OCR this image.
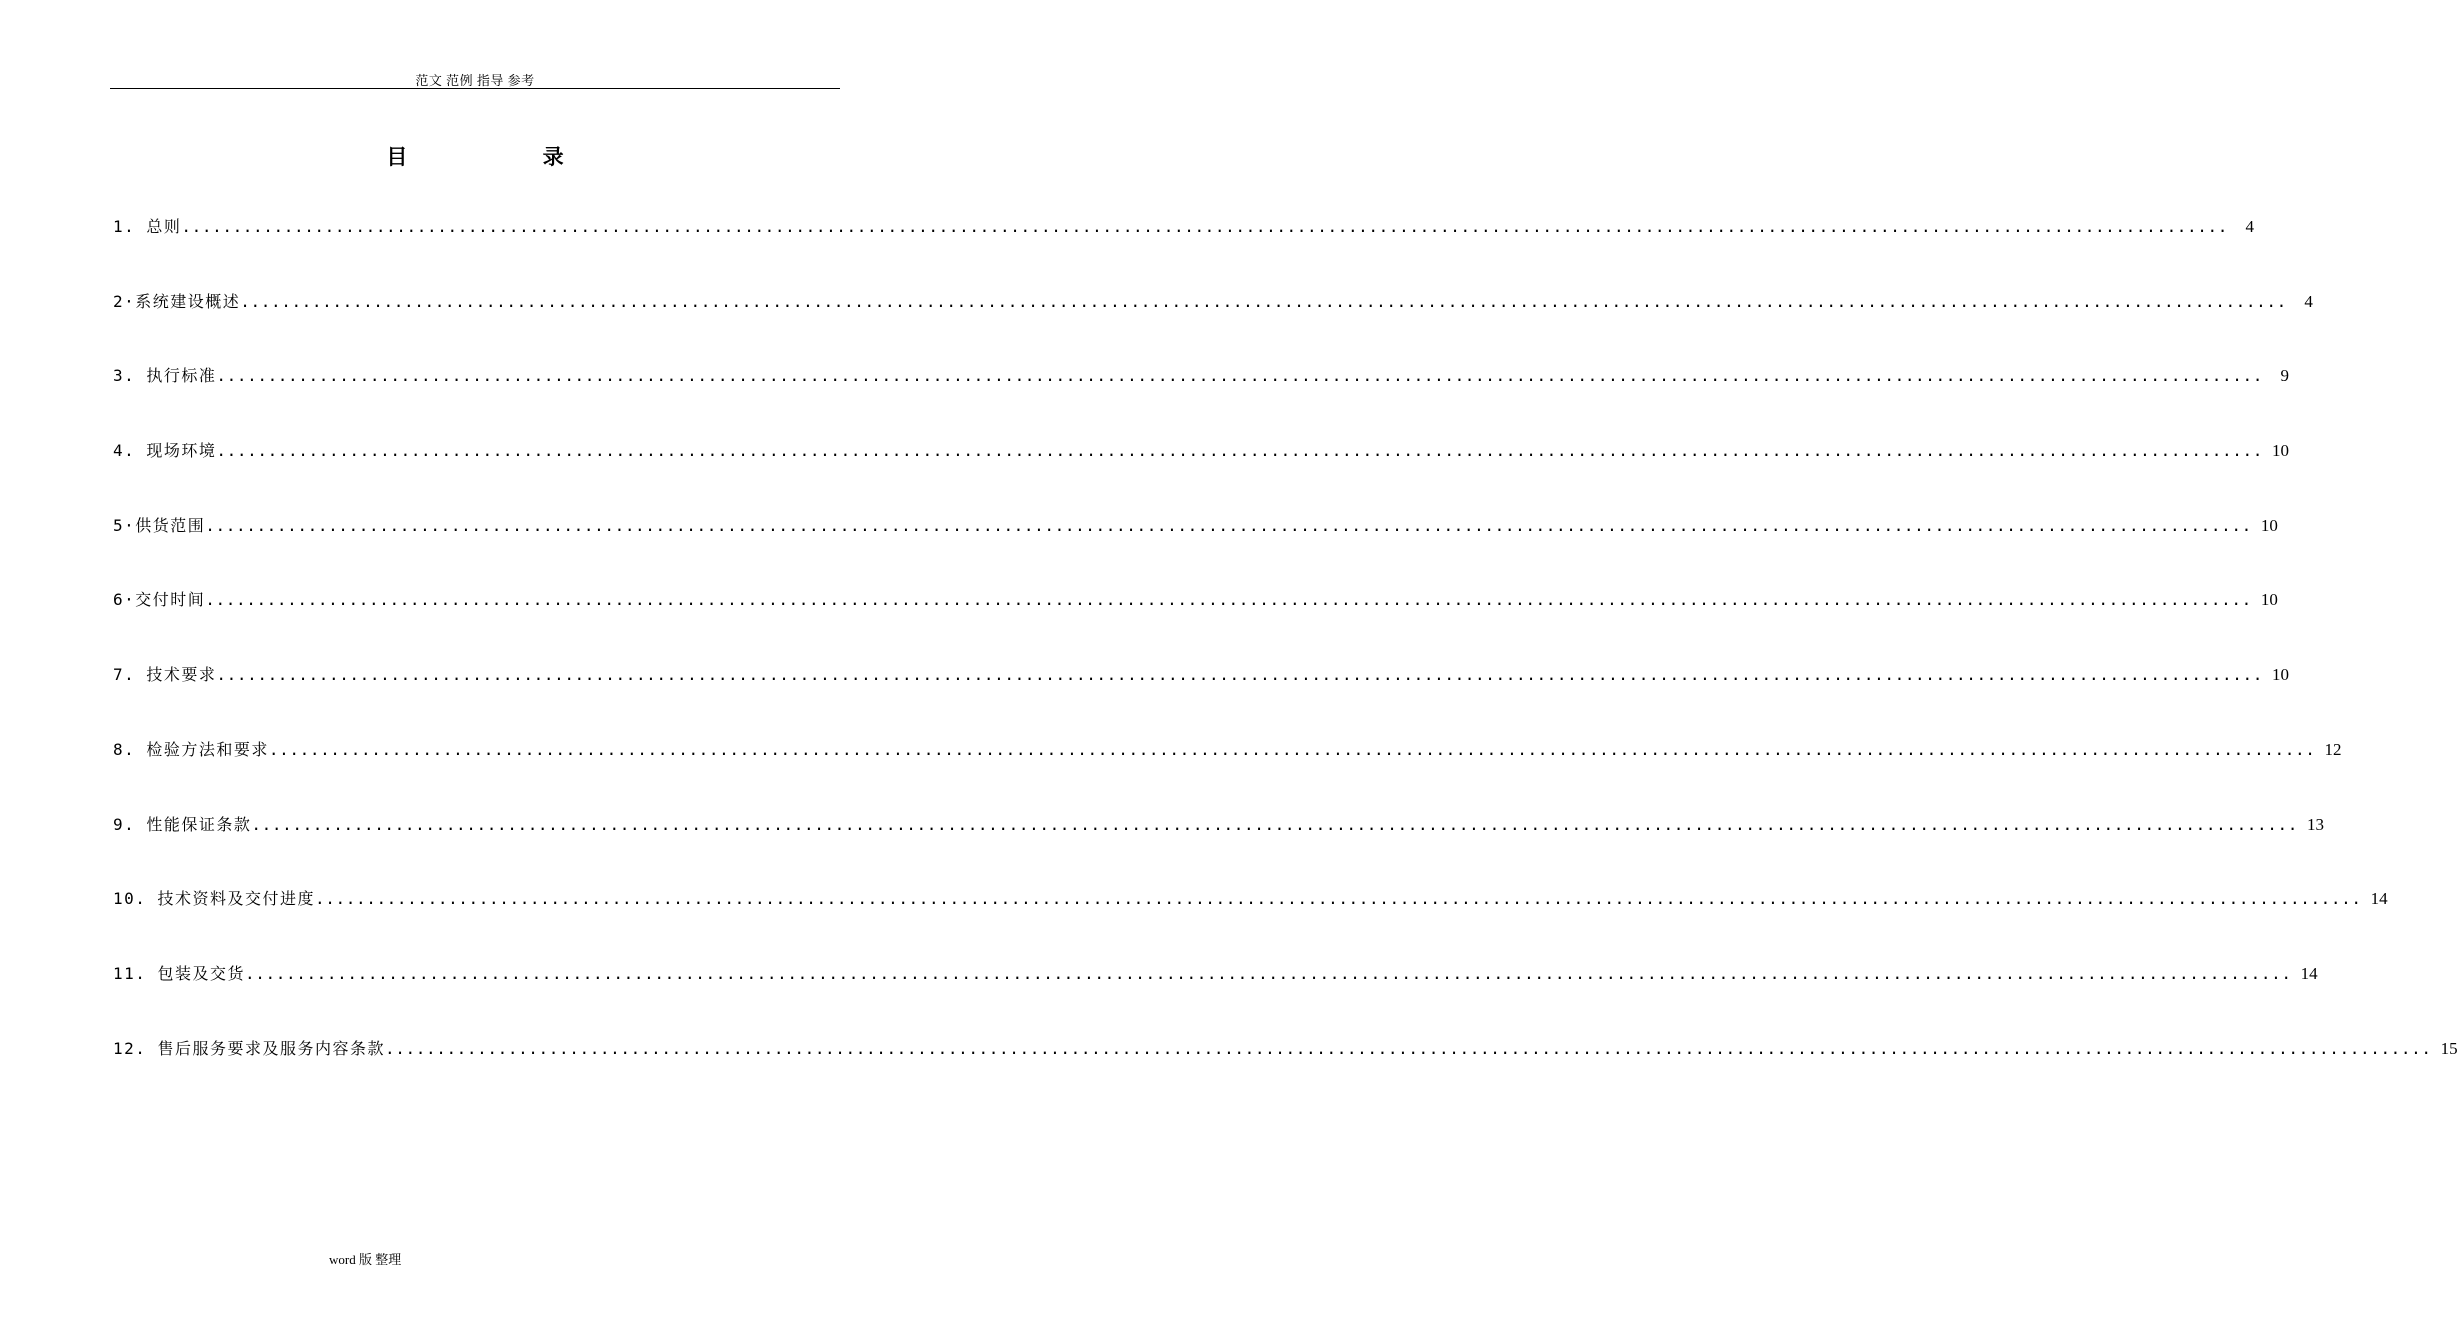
范文 范例 指导 参考
目 录
1. 总则 ........................................................................................................................................................................................................	4
2·系统建设概述 ........................................................................................................................................................................................................	4
3. 执行标准 ........................................................................................................................................................................................................	9
4. 现场环境 ........................................................................................................................................................................................................ 10
5·供货范围 ........................................................................................................................................................................................................ 10
6·交付时间 ........................................................................................................................................................................................................ 10
7. 技术要求 ........................................................................................................................................................................................................ 10
8. 检验方法和要求 ........................................................................................................................................................................................................ 12
9. 性能保证条款 ........................................................................................................................................................................................................ 13
10. 技术资料及交付进度 ........................................................................................................................................................................................................ 14
11. 包装及交货 ........................................................................................................................................................................................................ 14
12. 售后服务要求及服务内容条款 ........................................................................................................................................................................................................ 15
word 版 整理
